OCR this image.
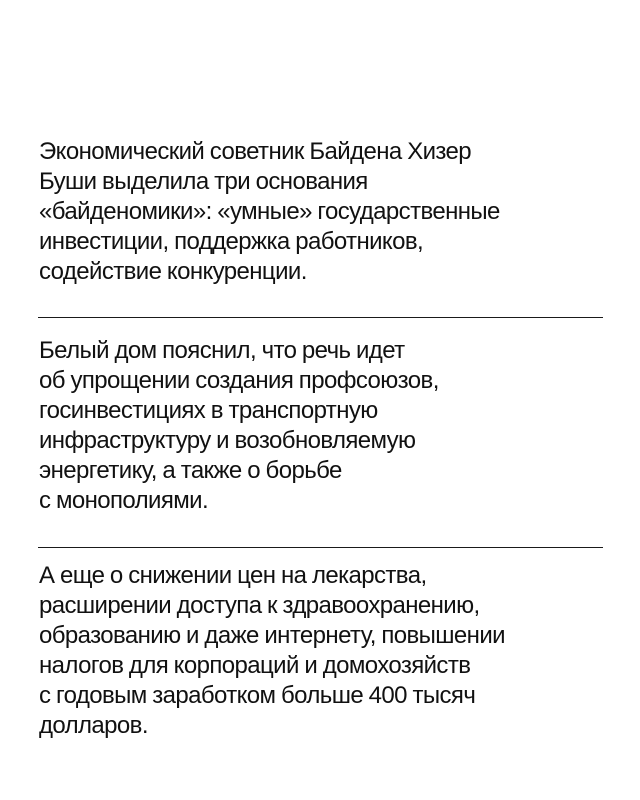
Экономический советник Байдена Хизер
Буши выделила три основания
«байденомики»: «умные» государственные
инвестиции, поддержка работников,
содействие конкуренции.
Белый дом пояснил, что речь идет
об упрощении создания профсоюзов,
госинвестициях в транспортную
инфраструктуру и возобновляемую
энергетику, а также о борьбе
с монополиями.
А еще о снижении цен на лекарства,
расширении доступа к здравоохранению,
образованию и даже интернету, повышении
налогов для корпораций и домохозяйств
с годовым заработком больше 400 тысяч
долларов.
